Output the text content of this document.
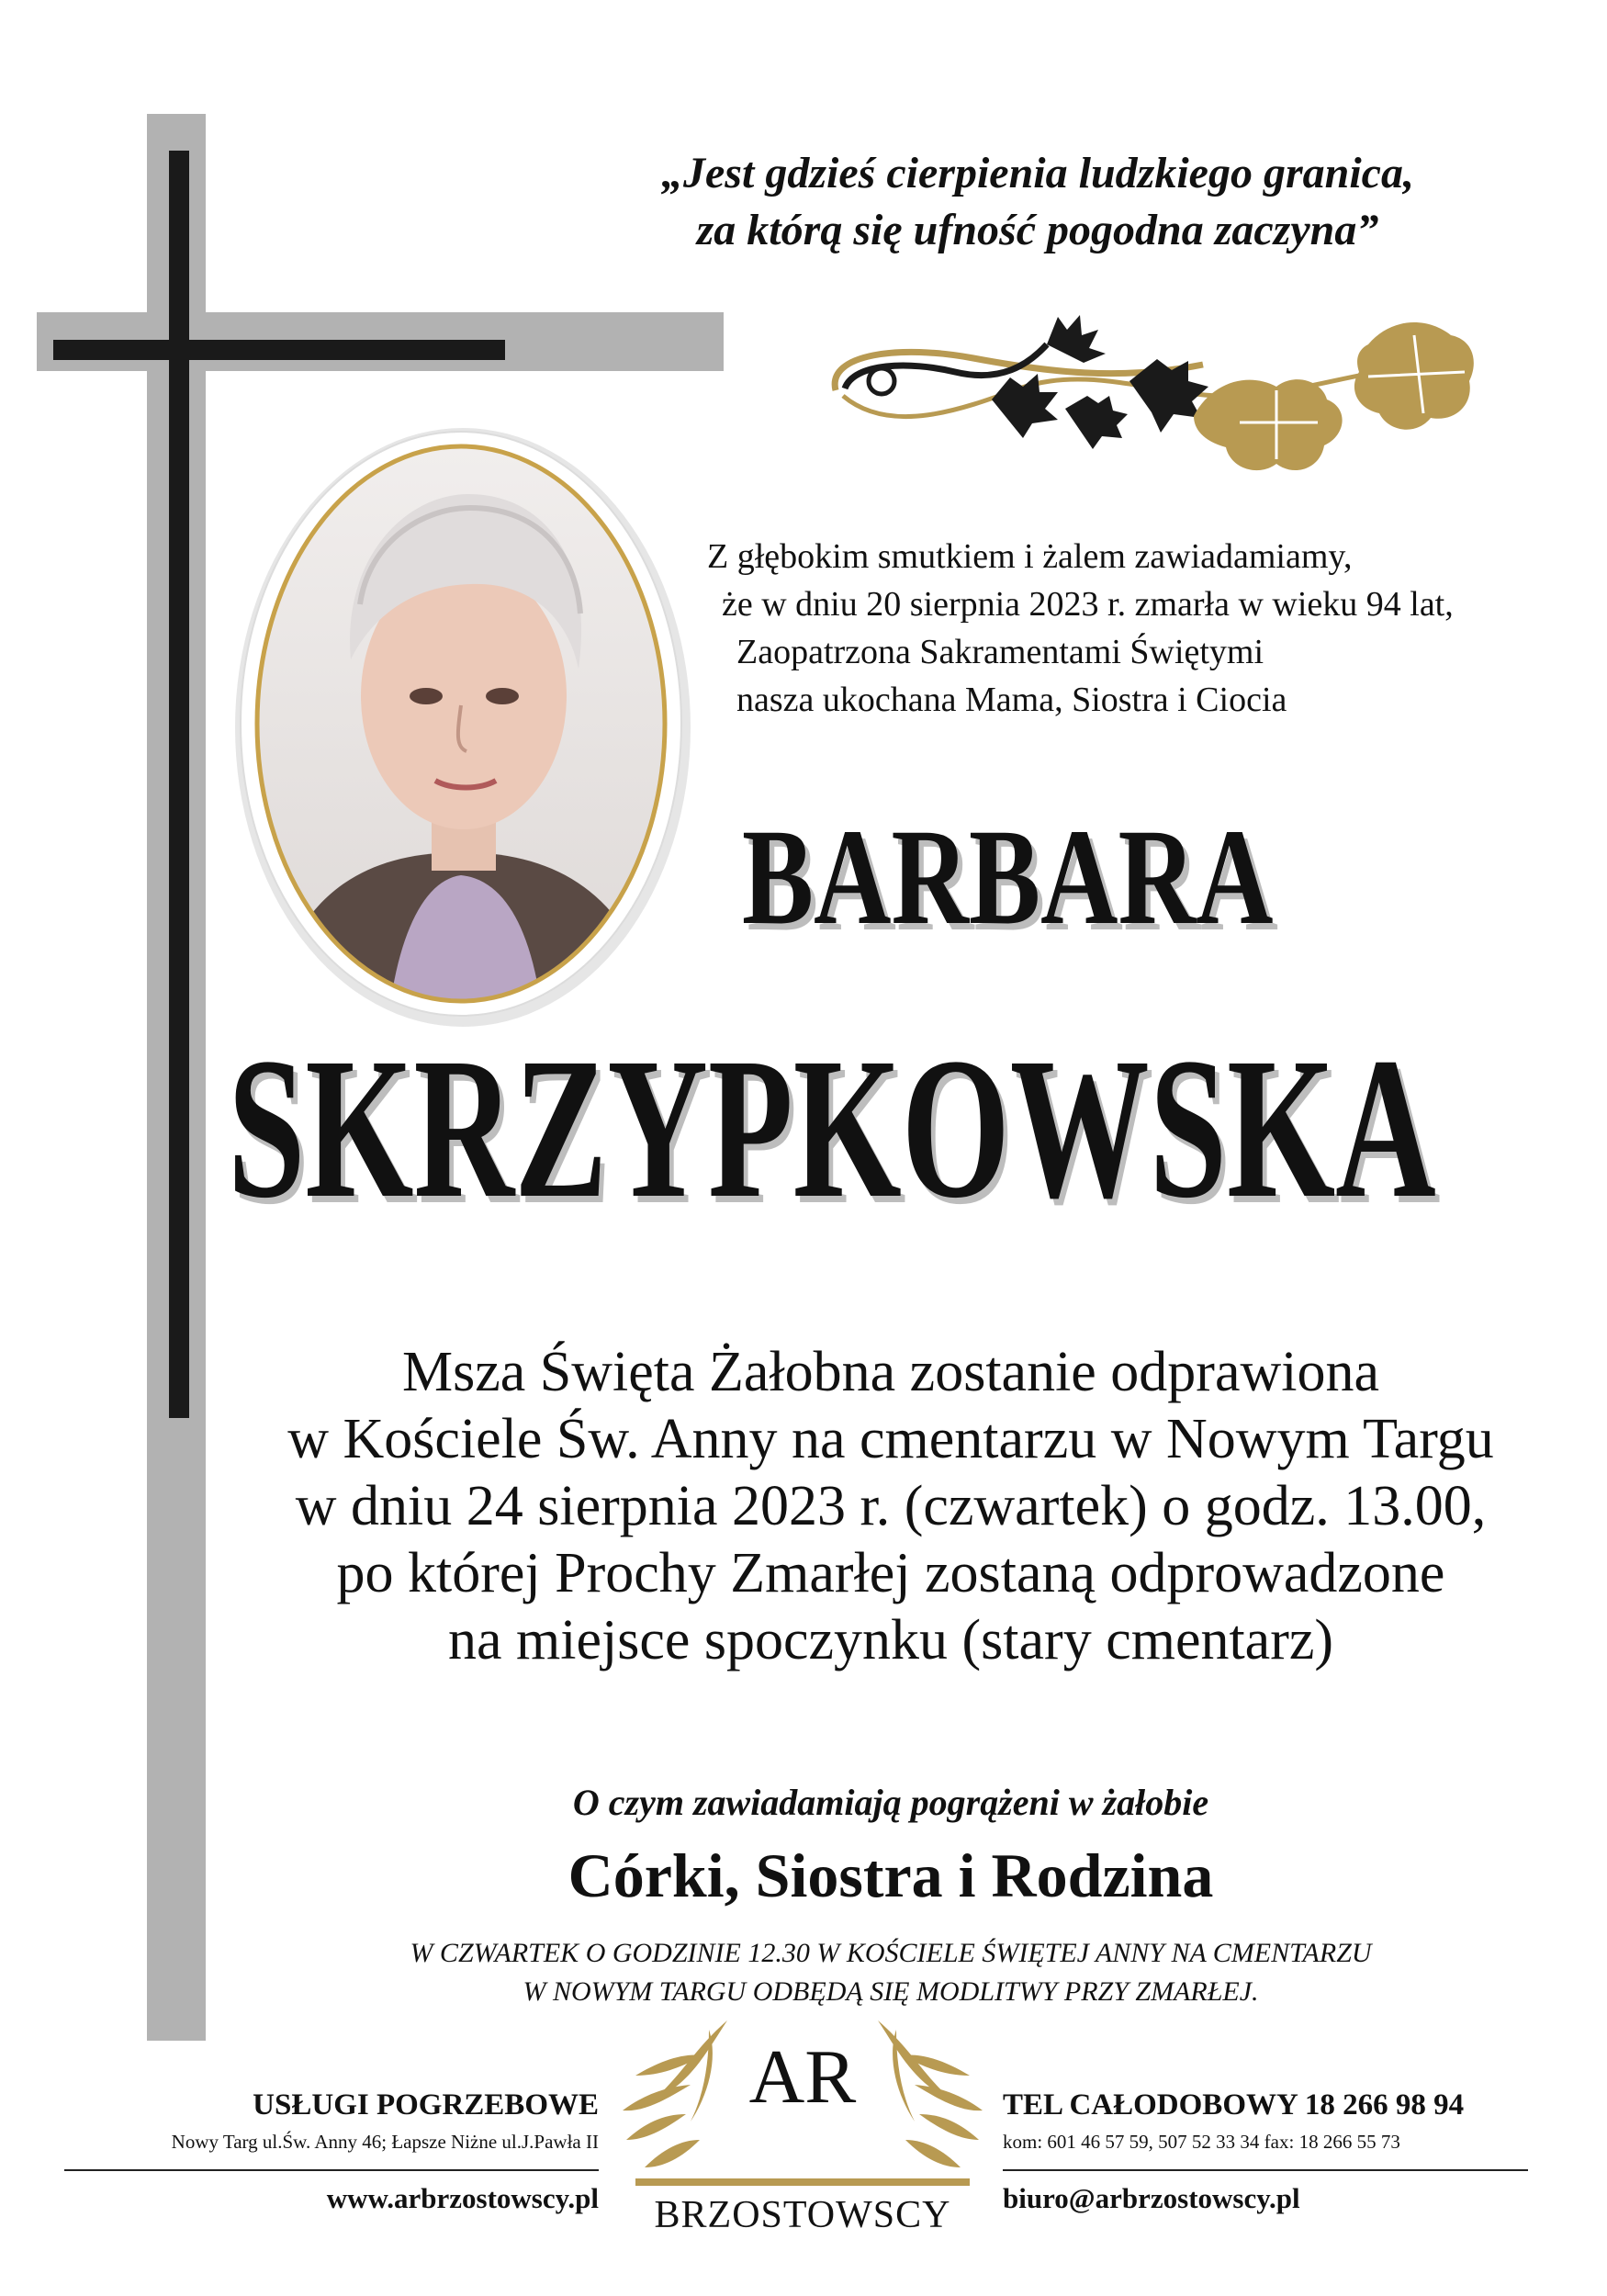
„Jest gdzieś cierpienia ludzkiego granica,
za którą się ufność pogodna zaczyna”
Z głębokim smutkiem i żalem zawiadamiamy,
że w dniu 20 sierpnia 2023 r. zmarła w wieku 94 lat,
Zaopatrzona Sakramentami Świętymi
nasza ukochana Mama, Siostra i Ciocia
BARBARA
SKRZYPKOWSKA
Msza Święta Żałobna zostanie odprawiona
w Kościele Św. Anny na cmentarzu w Nowym Targu
w dniu 24 sierpnia 2023 r. (czwartek) o godz. 13.00,
po której Prochy Zmarłej zostaną odprowadzone
na miejsce spoczynku (stary cmentarz)
O czym zawiadamiają pogrążeni w żałobie
Córki, Siostra i Rodzina
W CZWARTEK O GODZINIE 12.30 W KOŚCIELE ŚWIĘTEJ ANNY NA CMENTARZU
W NOWYM TARGU ODBĘDĄ SIĘ MODLITWY PRZY ZMARŁEJ.
USŁUGI POGRZEBOWE
Nowy Targ ul.Św. Anny 46; Łapsze Niżne ul.J.Pawła II
www.arbrzostowscy.pl
AR
BRZOSTOWSCY
TEL CAŁODOBOWY 18 266 98 94
kom: 601 46 57 59, 507 52 33 34 fax: 18 266 55 73
biuro@arbrzostowscy.pl
